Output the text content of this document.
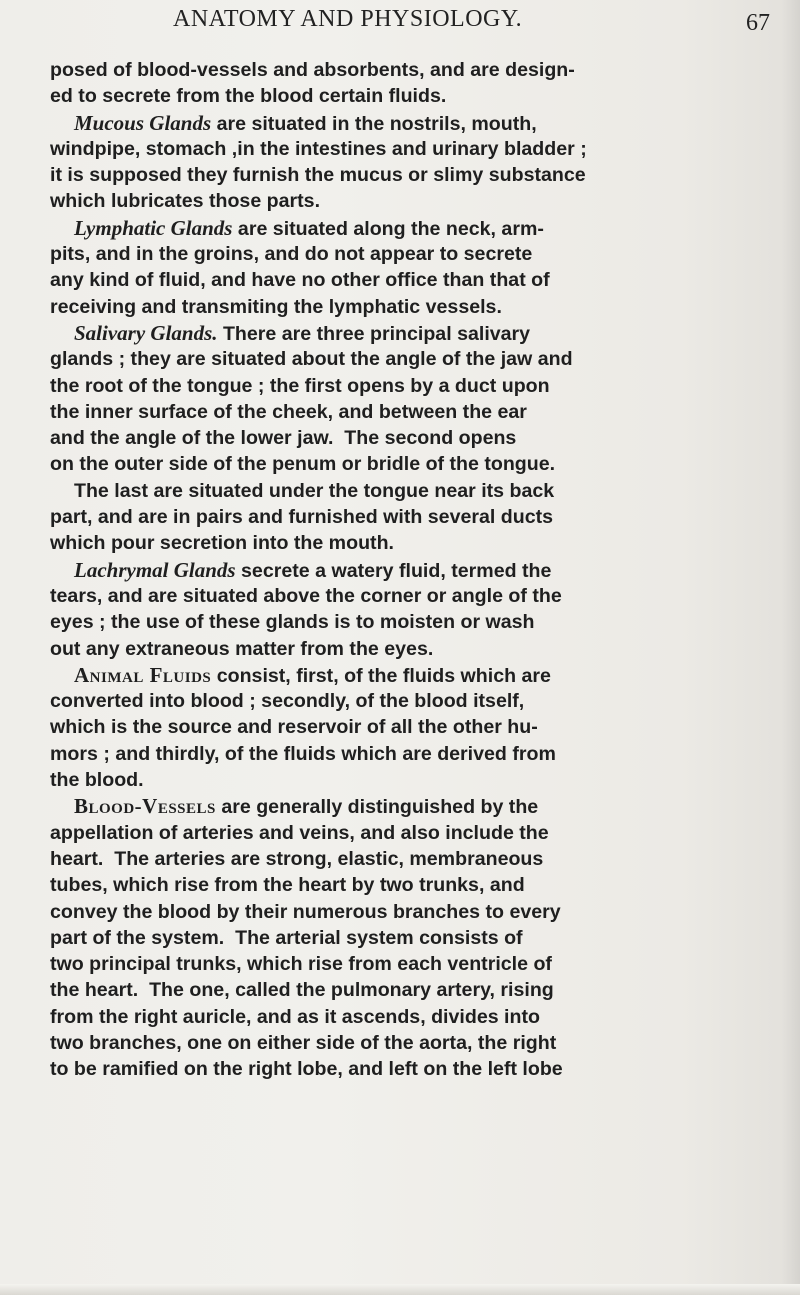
ANATOMY AND PHYSIOLOGY.	67
posed of blood-vessels and absorbents, and are design-
ed to secrete from the blood certain fluids.
Mucous Glands are situated in the nostrils, mouth,
windpipe, stomach ,in the intestines and urinary bladder ;
it is supposed they furnish the mucus or slimy substance
which lubricates those parts.
Lymphatic Glands are situated along the neck, arm-
pits, and in the groins, and do not appear to secrete
any kind of fluid, and have no other office than that of
receiving and transmiting the lymphatic vessels.
Salivary Glands. There are three principal salivary
glands ; they are situated about the angle of the jaw and
the root of the tongue ; the first opens by a duct upon
the inner surface of the cheek, and between the ear
and the angle of the lower jaw.  The second opens
on the outer side of the penum or bridle of the tongue.
The last are situated under the tongue near its back
part, and are in pairs and furnished with several ducts
which pour secretion into the mouth.
Lachrymal Glands secrete a watery fluid, termed the
tears, and are situated above the corner or angle of the
eyes ; the use of these glands is to moisten or wash
out any extraneous matter from the eyes.
Animal Fluids consist, first, of the fluids which are
converted into blood ; secondly, of the blood itself,
which is the source and reservoir of all the other hu-
mors ; and thirdly, of the fluids which are derived from
the blood.
Blood-Vessels are generally distinguished by the
appellation of arteries and veins, and also include the
heart.  The arteries are strong, elastic, membraneous
tubes, which rise from the heart by two trunks, and
convey the blood by their numerous branches to every
part of the system.  The arterial system consists of
two principal trunks, which rise from each ventricle of
the heart.  The one, called the pulmonary artery, rising
from the right auricle, and as it ascends, divides into
two branches, one on either side of the aorta, the right
to be ramified on the right lobe, and left on the left lobe
